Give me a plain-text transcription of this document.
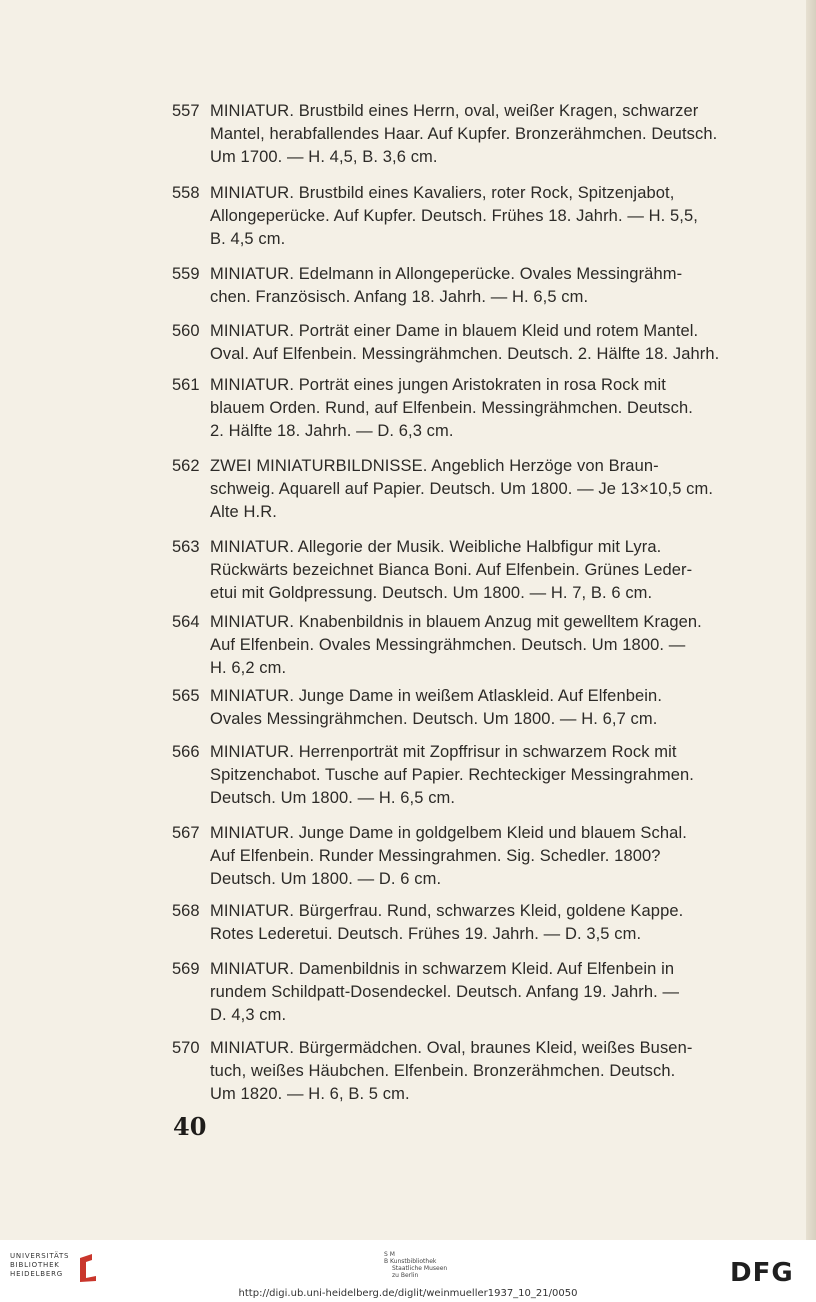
557 MINIATUR. Brustbild eines Herrn, oval, weißer Kragen, schwarzer
Mantel, herabfallendes Haar. Auf Kupfer. Bronzerähmchen. Deutsch.
Um 1700. — H. 4,5, B. 3,6 cm.
558 MINIATUR. Brustbild eines Kavaliers, roter Rock, Spitzenjabot,
Allongeperücke. Auf Kupfer. Deutsch. Frühes 18. Jahrh. — H. 5,5,
B. 4,5 cm.
559 MINIATUR. Edelmann in Allongeperücke. Ovales Messingrähm-
chen. Französisch. Anfang 18. Jahrh. — H. 6,5 cm.
560 MINIATUR. Porträt einer Dame in blauem Kleid und rotem Mantel.
Oval. Auf Elfenbein. Messingrähmchen. Deutsch. 2. Hälfte 18. Jahrh.
561 MINIATUR. Porträt eines jungen Aristokraten in rosa Rock mit
blauem Orden. Rund, auf Elfenbein. Messingrähmchen. Deutsch.
2. Hälfte 18. Jahrh. — D. 6,3 cm.
562 ZWEI MINIATURBILDNISSE. Angeblich Herzöge von Braun-
schweig. Aquarell auf Papier. Deutsch. Um 1800. — Je 13×10,5 cm.
Alte H.R.
563 MINIATUR. Allegorie der Musik. Weibliche Halbfigur mit Lyra.
Rückwärts bezeichnet Bianca Boni. Auf Elfenbein. Grünes Leder-
etui mit Goldpressung. Deutsch. Um 1800. — H. 7, B. 6 cm.
564 MINIATUR. Knabenbildnis in blauem Anzug mit gewelltem Kragen.
Auf Elfenbein. Ovales Messingrähmchen. Deutsch. Um 1800. —
H. 6,2 cm.
565 MINIATUR. Junge Dame in weißem Atlaskleid. Auf Elfenbein.
Ovales Messingrähmchen. Deutsch. Um 1800. — H. 6,7 cm.
566 MINIATUR. Herrenporträt mit Zopffrisur in schwarzem Rock mit
Spitzenchabot. Tusche auf Papier. Rechteckiger Messingrahmen.
Deutsch. Um 1800. — H. 6,5 cm.
567 MINIATUR. Junge Dame in goldgelbem Kleid und blauem Schal.
Auf Elfenbein. Runder Messingrahmen. Sig. Schedler. 1800?
Deutsch. Um 1800. — D. 6 cm.
568 MINIATUR. Bürgerfrau. Rund, schwarzes Kleid, goldene Kappe.
Rotes Lederetui. Deutsch. Frühes 19. Jahrh. — D. 3,5 cm.
569 MINIATUR. Damenbildnis in schwarzem Kleid. Auf Elfenbein in
rundem Schildpatt-Dosendeckel. Deutsch. Anfang 19. Jahrh. —
D. 4,3 cm.
570 MINIATUR. Bürgermädchen. Oval, braunes Kleid, weißes Busen-
tuch, weißes Häubchen. Elfenbein. Bronzerähmchen. Deutsch.
Um 1820. — H. 6, B. 5 cm.
40
UNIVERSITÄTS
BIBLIOTHEK
HEIDELBERG
S M
B Kunstbibliothek
Staatliche Museen
zu Berlin	DFG
http://digi.ub.uni-heidelberg.de/diglit/weinmueller1937_10_21/0050
